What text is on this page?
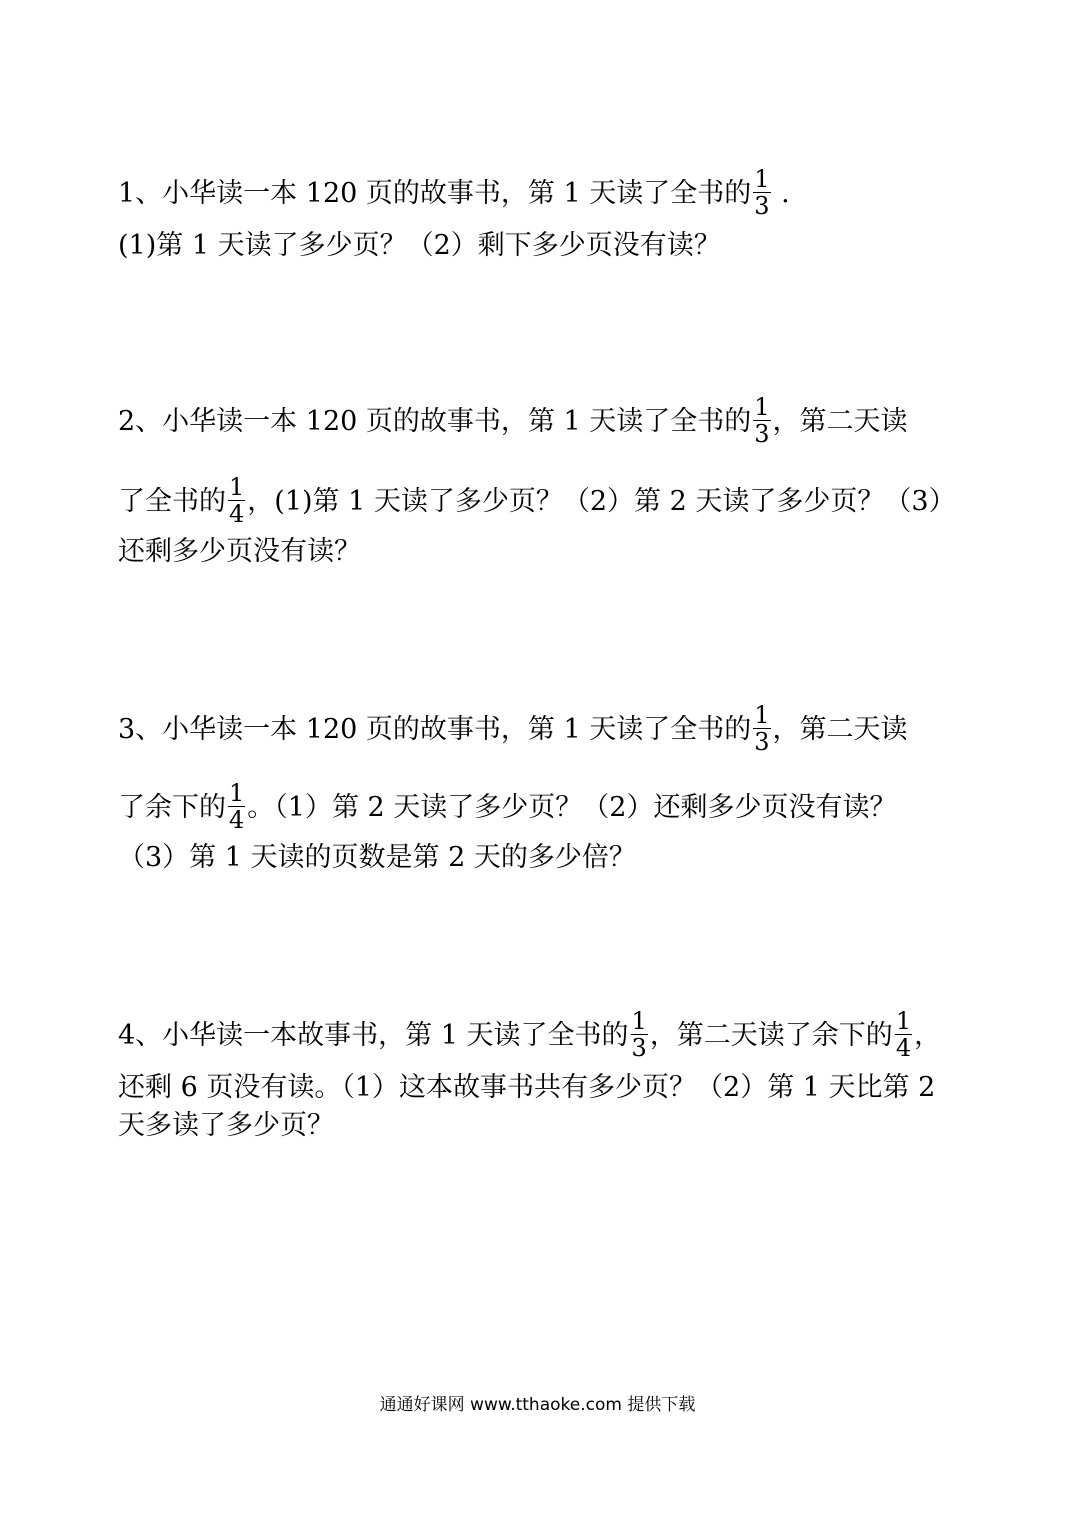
1、小华读一本 120 页的故事书，第 1 天读了全书的 $\frac{1}{3}$ .
(1)第 1 天读了多少页？（2）剩下多少页没有读？
2、小华读一本 120 页的故事书，第 1 天读了全书的 $\frac{1}{3}$ ，第二天读
了全书的 $\frac{1}{4}$ ，(1)第 1 天读了多少页？（2）第 2 天读了多少页？（3）
还剩多少页没有读？
3、小华读一本 120 页的故事书，第 1 天读了全书的 $\frac{1}{3}$ ，第二天读
了余下的 $\frac{1}{4}$ 。（1）第 2 天读了多少页？（2）还剩多少页没有读？
（3）第 1 天读的页数是第 2 天的多少倍？
4、小华读一本故事书，第 1 天读了全书的 $\frac{1}{3}$ ，第二天读了余下的 $\frac{1}{4}$ ，
还剩 6 页没有读。（1）这本故事书共有多少页？（2）第 1 天比第 2
天多读了多少页？
通通好课网 www.tthaoke.com 提供下载
